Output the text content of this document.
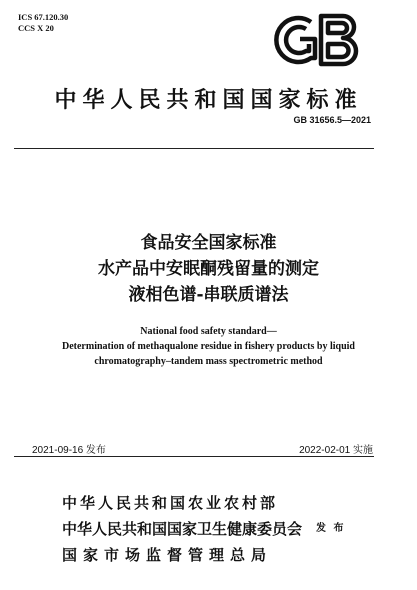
ICS 67.120.30
CCS X 20
中华人民共和国国家标准
GB 31656.5—2021
食品安全国家标准
水产品中安眠酮残留量的测定
液相色谱-串联质谱法
National food safety standard—
Determination of methaqualone residue in fishery products by liquid
chromatography–tandem mass spectrometric method
2021-09-16 发布	2022-02-01 实施
中华人民共和国农业农村部
中华人民共和国国家卫生健康委员会
国家市场监督管理总局
发 布
